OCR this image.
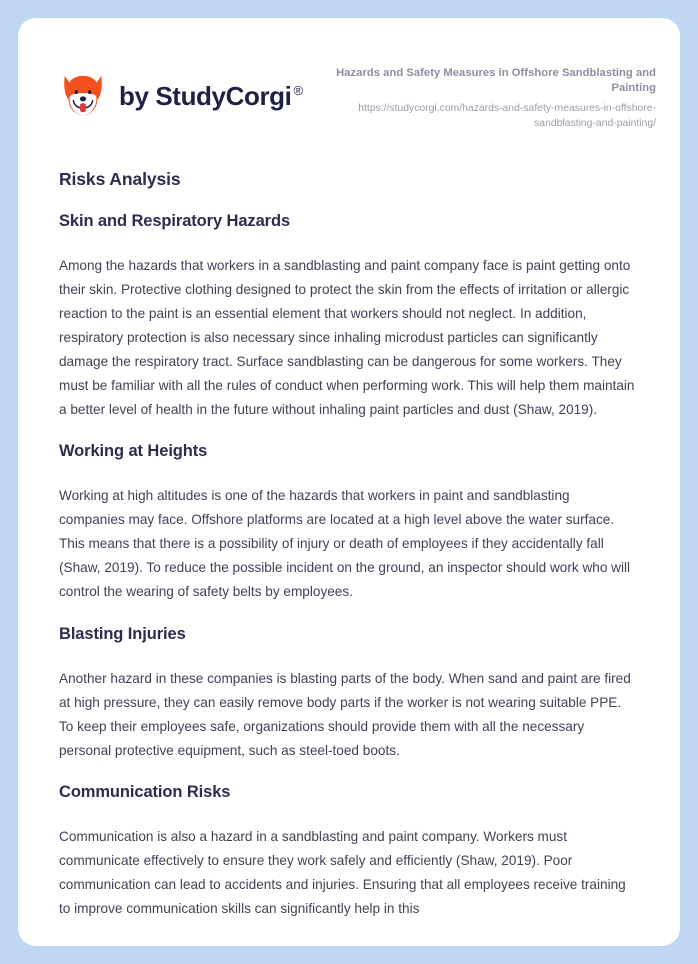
by StudyCorgi ®
Hazards and Safety Measures in Offshore Sandblasting and Painting
https://studycorgi.com/hazards-and-safety-measures-in-offshore-sandblasting-and-painting/
Risks Analysis
Skin and Respiratory Hazards

Among the hazards that workers in a sandblasting and paint company face is paint getting onto their skin. Protective clothing designed to protect the skin from the effects of irritation or allergic reaction to the paint is an essential element that workers should not neglect. In addition, respiratory protection is also necessary since inhaling microdust particles can significantly damage the respiratory tract. Surface sandblasting can be dangerous for some workers. They must be familiar with all the rules of conduct when performing work. This will help them maintain a better level of health in the future without inhaling paint particles and dust (Shaw, 2019).

Working at Heights

Working at high altitudes is one of the hazards that workers in paint and sandblasting companies may face. Offshore platforms are located at a high level above the water surface. This means that there is a possibility of injury or death of employees if they accidentally fall (Shaw, 2019). To reduce the possible incident on the ground, an inspector should work who will control the wearing of safety belts by employees.

Blasting Injuries

Another hazard in these companies is blasting parts of the body. When sand and paint are fired at high pressure, they can easily remove body parts if the worker is not wearing suitable PPE. To keep their employees safe, organizations should provide them with all the necessary personal protective equipment, such as steel-toed boots.

Communication Risks

Communication is also a hazard in a sandblasting and paint company. Workers must communicate effectively to ensure they work safely and efficiently (Shaw, 2019). Poor communication can lead to accidents and injuries. Ensuring that all employees receive training to improve communication skills can significantly help in this
